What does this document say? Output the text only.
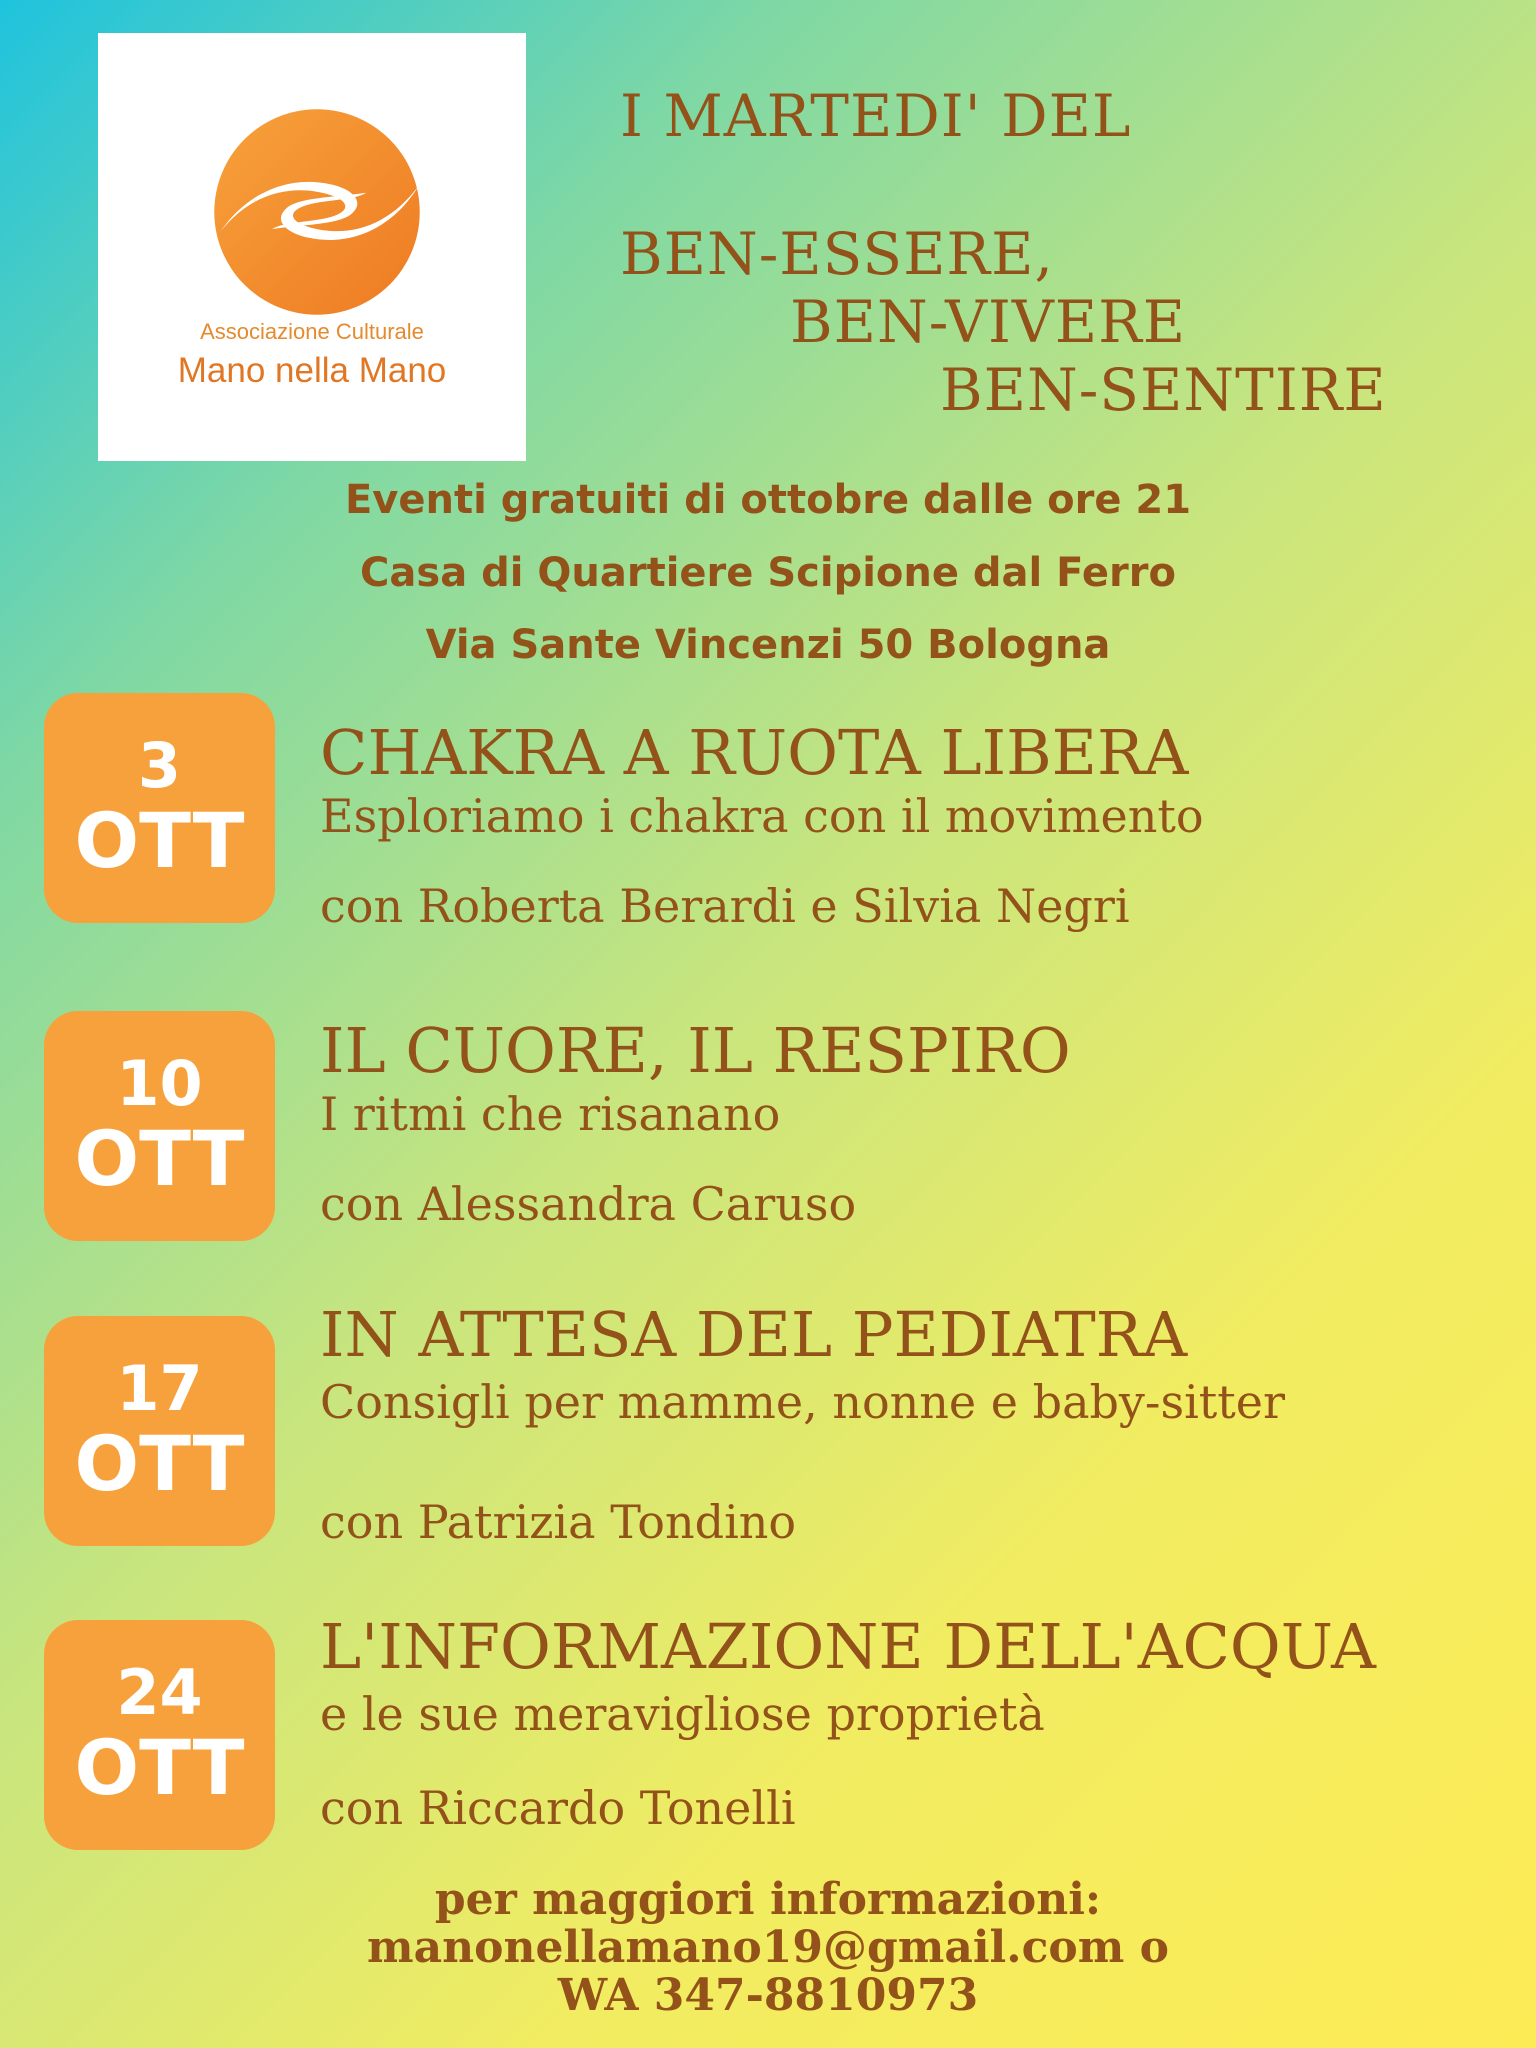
Associazione Culturale
Mano nella Mano
I MARTEDI' DEL
BEN-ESSERE,
BEN-VIVERE
BEN-SENTIRE
Eventi gratuiti di ottobre dalle ore 21
Casa di Quartiere Scipione dal Ferro
Via Sante Vincenzi 50 Bologna
3
OTT
CHAKRA A RUOTA LIBERA
Esploriamo i chakra con il movimento
con Roberta Berardi e Silvia Negri
10
OTT
IL CUORE, IL RESPIRO
I ritmi che risanano
con Alessandra Caruso
17
OTT
IN ATTESA DEL PEDIATRA
Consigli per mamme, nonne e baby-sitter
con Patrizia Tondino
24
OTT
L'INFORMAZIONE DELL'ACQUA
e le sue meravigliose proprietà
con Riccardo Tonelli
per maggiori informazioni:
manonellamano19@gmail.com o
WA 347-8810973
